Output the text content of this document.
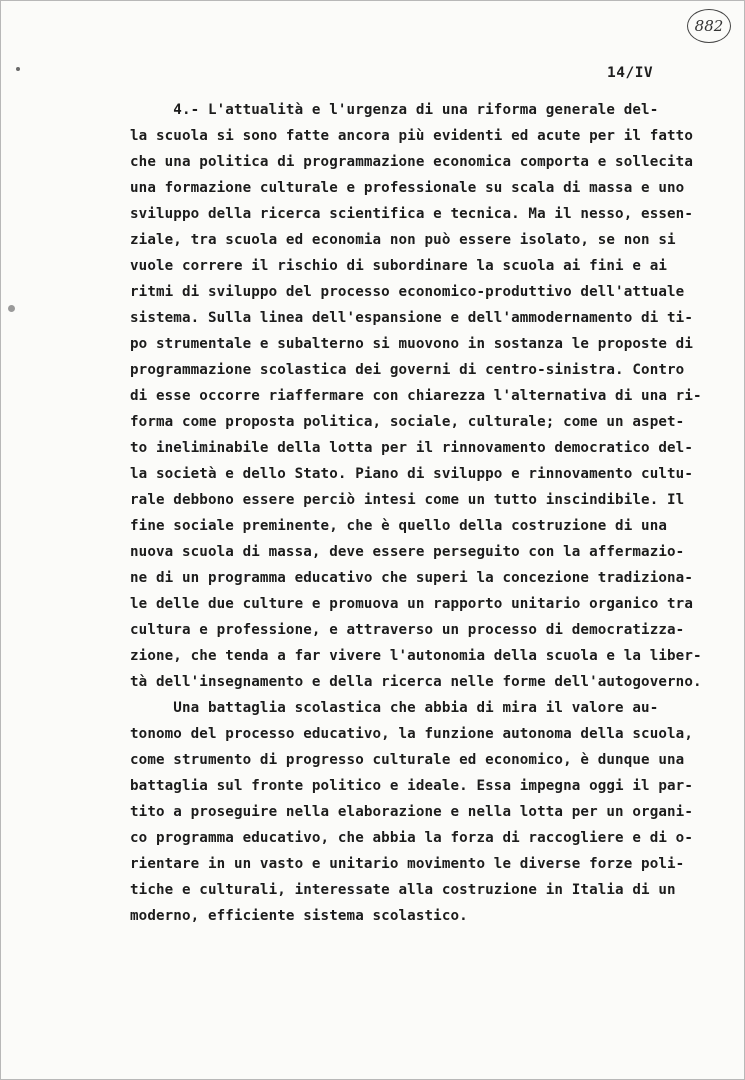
882
14/IV
4.- L'attualità e l'urgenza di una riforma generale del-
la scuola si sono fatte ancora più evidenti ed acute per il fatto
che una politica di programmazione economica comporta e sollecita
una formazione culturale e professionale su scala di massa e uno
sviluppo della ricerca scientifica e tecnica. Ma il nesso, essen-
ziale, tra scuola ed economia non può essere isolato, se non si
vuole correre il rischio di subordinare la scuola ai fini e ai
ritmi di sviluppo del processo economico-produttivo dell'attuale
sistema. Sulla linea dell'espansione e dell'ammodernamento di ti-
po strumentale e subalterno si muovono in sostanza le proposte di
programmazione scolastica dei governi di centro-sinistra. Contro
di esse occorre riaffermare con chiarezza l'alternativa di una ri-
forma come proposta politica, sociale, culturale; come un aspet-
to ineliminabile della lotta per il rinnovamento democratico del-
la società e dello Stato. Piano di sviluppo e rinnovamento cultu-
rale debbono essere perciò intesi come un tutto inscindibile. Il
fine sociale preminente, che è quello della costruzione di una
nuova scuola di massa, deve essere perseguito con la affermazio-
ne di un programma educativo che superi la concezione tradiziona-
le delle due culture e promuova un rapporto unitario organico tra
cultura e professione, e attraverso un processo di democratizza-
zione, che tenda a far vivere l'autonomia della scuola e la liber-
tà dell'insegnamento e della ricerca nelle forme dell'autogoverno.
Una battaglia scolastica che abbia di mira il valore au-
tonomo del processo educativo, la funzione autonoma della scuola,
come strumento di progresso culturale ed economico, è dunque una
battaglia sul fronte politico e ideale. Essa impegna oggi il par-
tito a proseguire nella elaborazione e nella lotta per un organi-
co programma educativo, che abbia la forza di raccogliere e di o-
rientare in un vasto e unitario movimento le diverse forze poli-
tiche e culturali, interessate alla costruzione in Italia di un
moderno, efficiente sistema scolastico.
